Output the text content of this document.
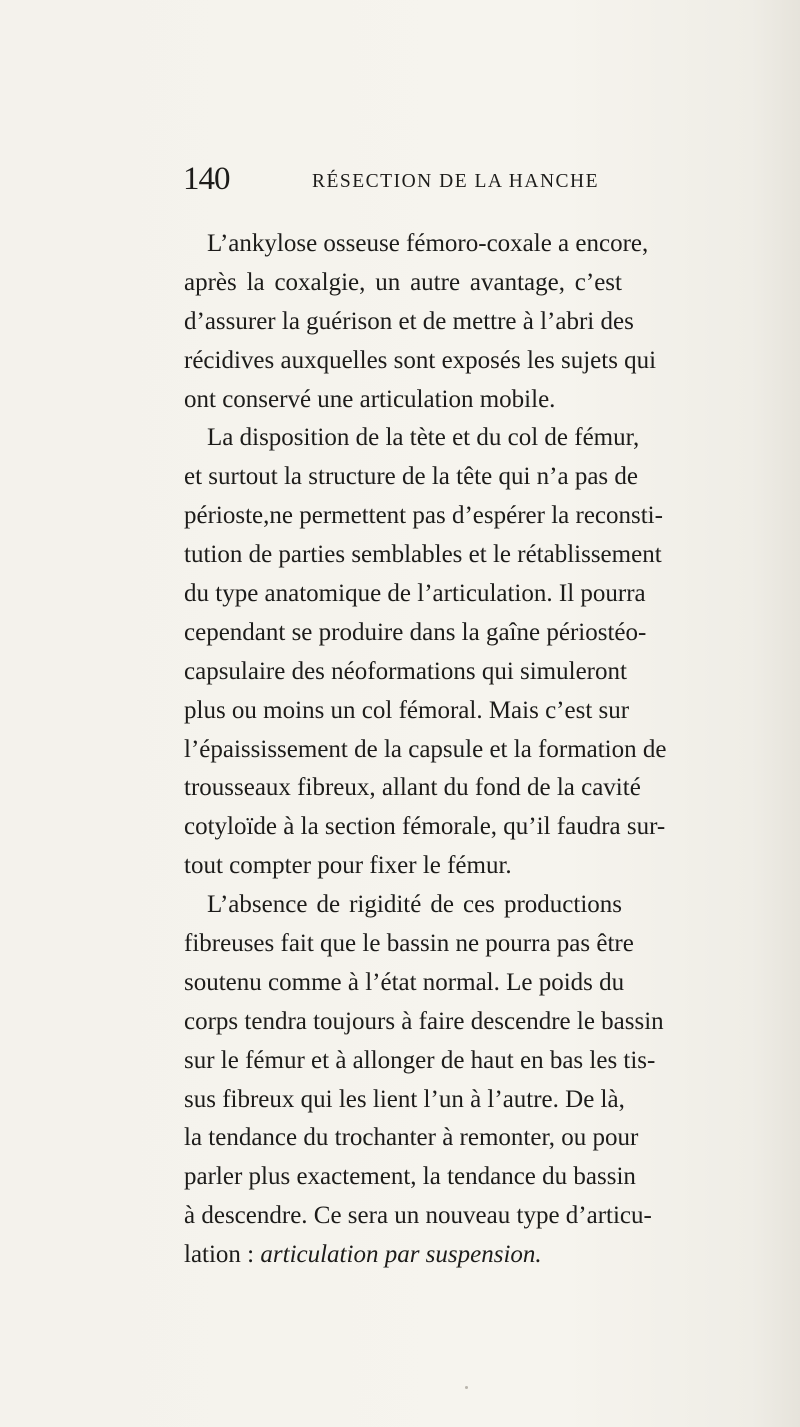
140	RÉSECTION DE LA HANCHE
L’ankylose osseuse fémoro-coxale a encore,
après la coxalgie, un autre avantage, c’est
d’assurer la guérison et de mettre à l’abri des
récidives auxquelles sont exposés les sujets qui
ont conservé une articulation mobile.
La disposition de la tète et du col de fémur,
et surtout la structure de la tête qui n’a pas de
périoste,ne permettent pas d’espérer la reconsti-
tution de parties semblables et le rétablissement
du type anatomique de l’articulation. Il pourra
cependant se produire dans la gaîne périostéo-
capsulaire des néoformations qui simuleront
plus ou moins un col fémoral. Mais c’est sur
l’épaississement de la capsule et la formation de
trousseaux fibreux, allant du fond de la cavité
cotyloïde à la section fémorale, qu’il faudra sur-
tout compter pour fixer le fémur.
L’absence de rigidité de ces productions
fibreuses fait que le bassin ne pourra pas être
soutenu comme à l’état normal. Le poids du
corps tendra toujours à faire descendre le bassin
sur le fémur et à allonger de haut en bas les tis-
sus fibreux qui les lient l’un à l’autre. De là,
la tendance du trochanter à remonter, ou pour
parler plus exactement, la tendance du bassin
à descendre. Ce sera un nouveau type d’articu-
lation : articulation par suspension.
